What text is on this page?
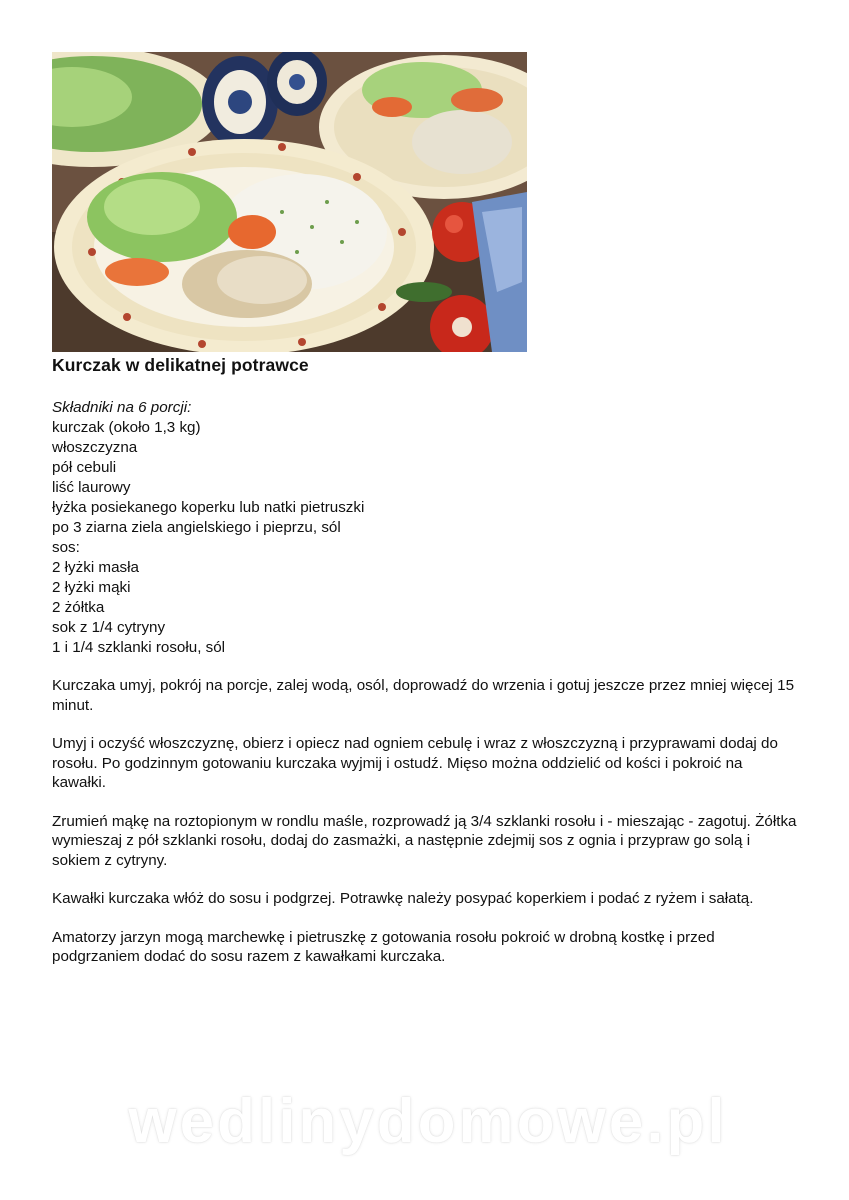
Kurczak w delikatnej potrawce
Składniki na 6 porcji:
kurczak (około 1,3 kg)
włoszczyzna
pół cebuli
liść laurowy
łyżka posiekanego koperku lub natki pietruszki
po 3 ziarna ziela angielskiego i pieprzu, sól
sos:
2 łyżki masła
2 łyżki mąki
2 żółtka
sok z 1/4 cytryny
1 i 1/4 szklanki rosołu, sól

Kurczaka umyj, pokrój na porcje, zalej wodą, osól, doprowadź do wrzenia i gotuj jeszcze przez mniej więcej 15 minut.

Umyj i oczyść włoszczyznę, obierz i opiecz nad ogniem cebulę i wraz z włoszczyzną i przyprawami dodaj do rosołu. Po godzinnym gotowaniu kurczaka wyjmij i ostudź. Mięso można oddzielić od kości i pokroić na kawałki.

Zrumień mąkę na roztopionym w rondlu maśle, rozprowadź ją 3/4 szklanki rosołu i - mieszając - zagotuj. Żółtka wymieszaj z pół szklanki rosołu, dodaj do zasmażki, a następnie zdejmij sos z ognia i przypraw go solą i sokiem z cytryny.

Kawałki kurczaka włóż do sosu i podgrzej. Potrawkę należy posypać koperkiem i podać z ryżem i sałatą.

Amatorzy jarzyn mogą marchewkę i pietruszkę z gotowania rosołu pokroić w drobną kostkę i przed podgrzaniem dodać do sosu razem z kawałkami kurczaka.

wedlinydomowe.pl
